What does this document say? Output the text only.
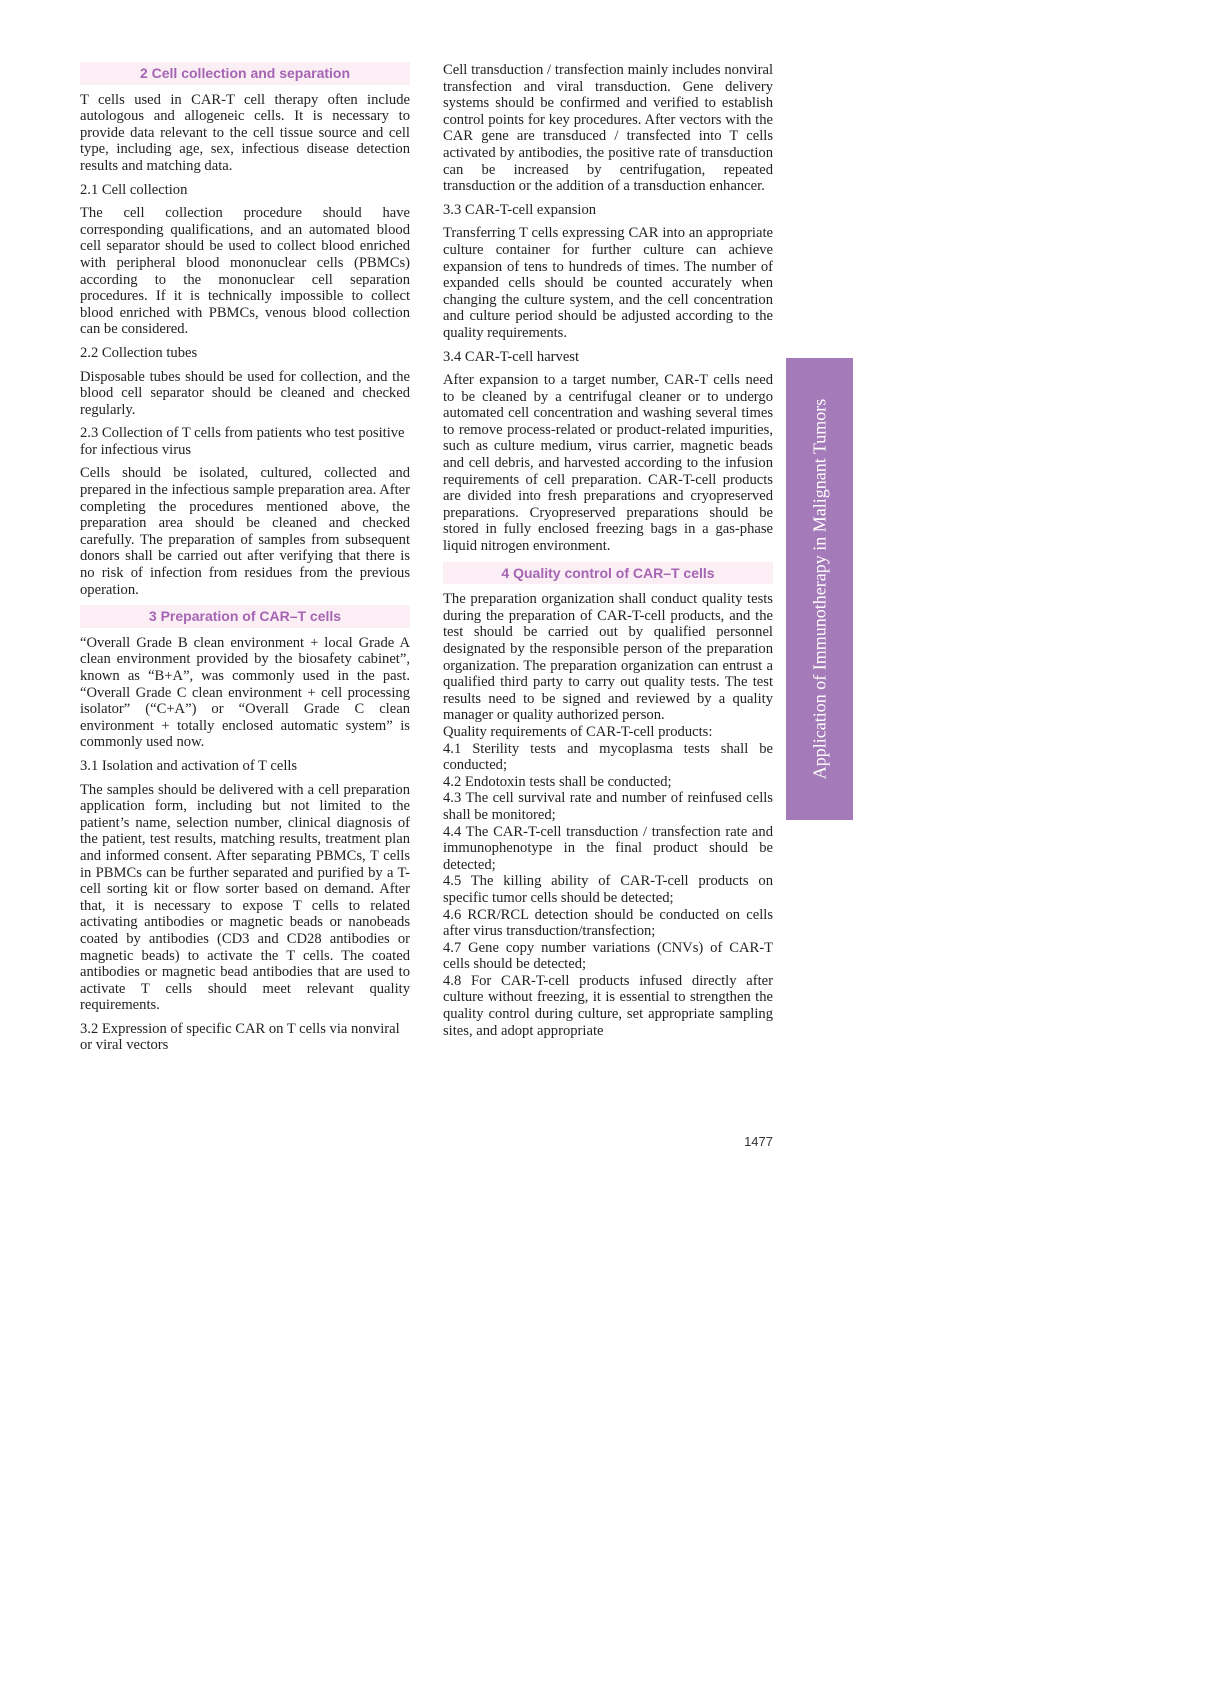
2 Cell collection and separation

T cells used in CAR-T cell therapy often include autologous and allogeneic cells. It is necessary to provide data relevant to the cell tissue source and cell type, including age, sex, infectious disease detection results and matching data.

2.1 Cell collection

The cell collection procedure should have corresponding qualifications, and an automated blood cell separator should be used to collect blood enriched with peripheral blood mononuclear cells (PBMCs) according to the mononuclear cell separation procedures. If it is technically impossible to collect blood enriched with PBMCs, venous blood collection can be considered.

2.2 Collection tubes

Disposable tubes should be used for collection, and the blood cell separator should be cleaned and checked regularly.

2.3 Collection of T cells from patients who test positive for infectious virus

Cells should be isolated, cultured, collected and prepared in the infectious sample preparation area. After completing the procedures mentioned above, the preparation area should be cleaned and checked carefully. The preparation of samples from subsequent donors shall be carried out after verifying that there is no risk of infection from residues from the previous operation.

3 Preparation of CAR–T cells

“Overall Grade B clean environment + local Grade A clean environment provided by the biosafety cabinet”, known as “B+A”, was commonly used in the past. “Overall Grade C clean environment + cell processing isolator” (“C+A”) or “Overall Grade C clean environment + totally enclosed automatic system” is commonly used now.

3.1 Isolation and activation of T cells

The samples should be delivered with a cell preparation application form, including but not limited to the patient’s name, selection number, clinical diagnosis of the patient, test results, matching results, treatment plan and informed consent. After separating PBMCs, T cells in PBMCs can be further separated and purified by a T-cell sorting kit or flow sorter based on demand. After that, it is necessary to expose T cells to related activating antibodies or magnetic beads or nanobeads coated by antibodies (CD3 and CD28 antibodies or magnetic beads) to activate the T cells. The coated antibodies or magnetic bead antibodies that are used to activate T cells should meet relevant quality requirements.

3.2 Expression of specific CAR on T cells via nonviral or viral vectors

Cell transduction / transfection mainly includes nonviral transfection and viral transduction. Gene delivery systems should be confirmed and verified to establish control points for key procedures. After vectors with the CAR gene are transduced / transfected into T cells activated by antibodies, the positive rate of transduction can be increased by centrifugation, repeated transduction or the addition of a transduction enhancer.

3.3 CAR-T-cell expansion

Transferring T cells expressing CAR into an appropriate culture container for further culture can achieve expansion of tens to hundreds of times. The number of expanded cells should be counted accurately when changing the culture system, and the cell concentration and culture period should be adjusted according to the quality requirements.

3.4 CAR-T-cell harvest

After expansion to a target number, CAR-T cells need to be cleaned by a centrifugal cleaner or to undergo automated cell concentration and washing several times to remove process-related or product-related impurities, such as culture medium, virus carrier, magnetic beads and cell debris, and harvested according to the infusion requirements of cell preparation. CAR-T-cell products are divided into fresh preparations and cryopreserved preparations. Cryopreserved preparations should be stored in fully enclosed freezing bags in a gas-phase liquid nitrogen environment.

4 Quality control of CAR–T cells

The preparation organization shall conduct quality tests during the preparation of CAR-T-cell products, and the test should be carried out by qualified personnel designated by the responsible person of the preparation organization. The preparation organization can entrust a qualified third party to carry out quality tests. The test results need to be signed and reviewed by a quality manager or quality authorized person.

Quality requirements of CAR-T-cell products:

4.1 Sterility tests and mycoplasma tests shall be conducted;

4.2 Endotoxin tests shall be conducted;

4.3 The cell survival rate and number of reinfused cells shall be monitored;

4.4 The CAR-T-cell transduction / transfection rate and immunophenotype in the final product should be detected;

4.5 The killing ability of CAR-T-cell products on specific tumor cells should be detected;

4.6 RCR/RCL detection should be conducted on cells after virus transduction/transfection;

4.7 Gene copy number variations (CNVs) of CAR-T cells should be detected;

4.8 For CAR-T-cell products infused directly after culture without freezing, it is essential to strengthen the quality control during culture, set appropriate sampling sites, and adopt appropriate

Application of Immunotherapy in Malignant Tumors
1477
